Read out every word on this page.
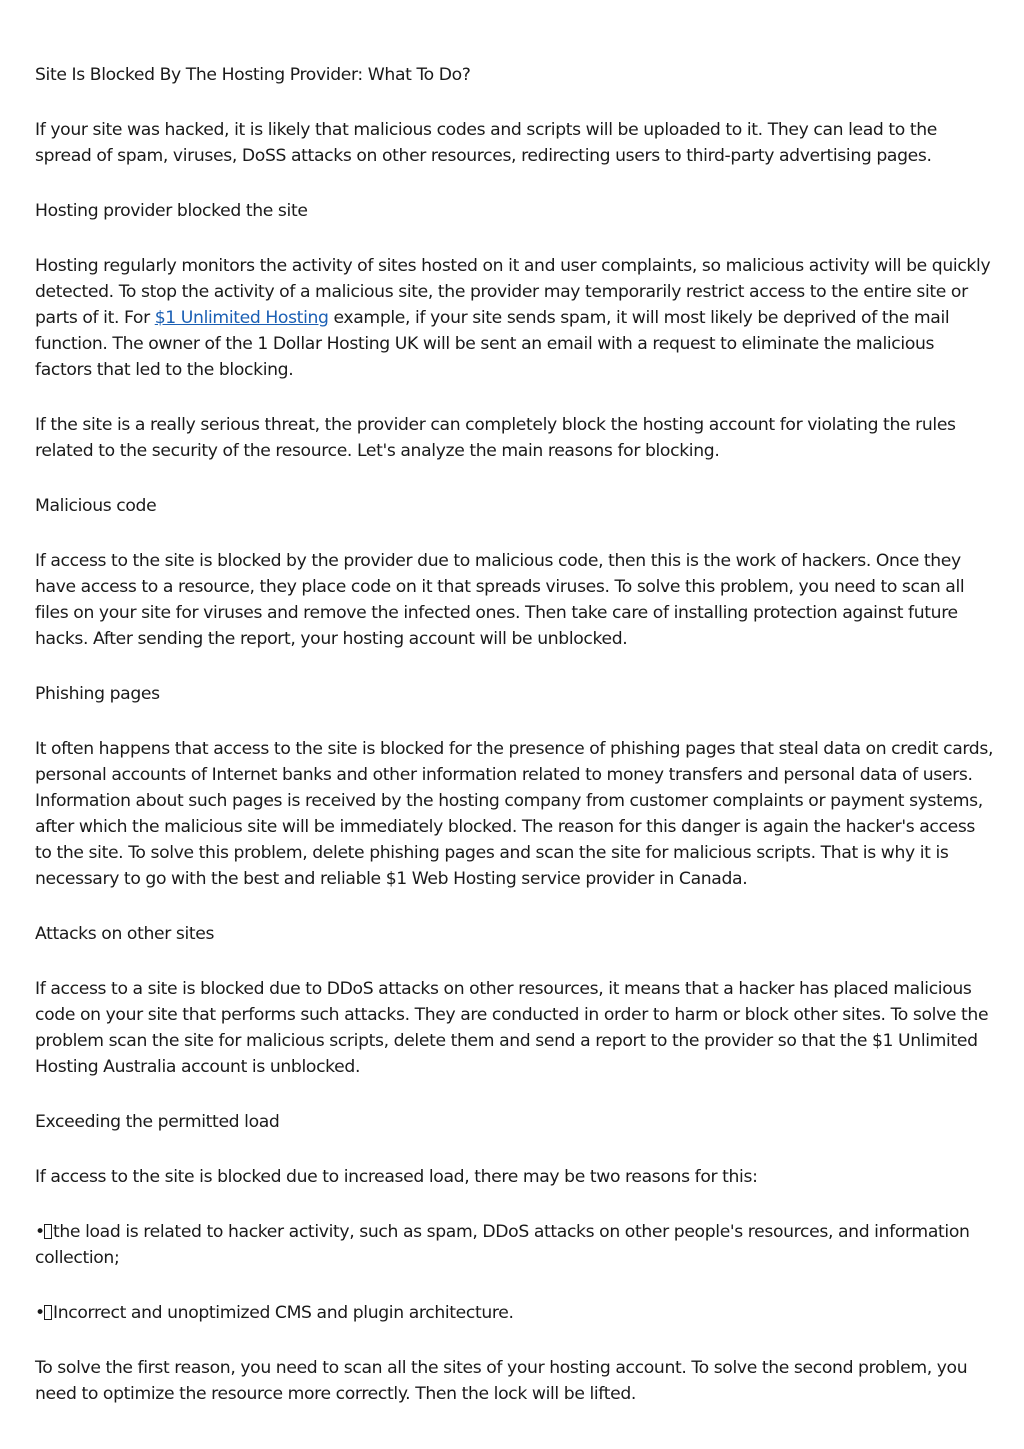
Site Is Blocked By The Hosting Provider: What To Do?

If your site was hacked, it is likely that malicious codes and scripts will be uploaded to it. They can lead to the spread of spam, viruses, DoSS attacks on other resources, redirecting users to third-party advertising pages.

Hosting provider blocked the site

Hosting regularly monitors the activity of sites hosted on it and user complaints, so malicious activity will be quickly detected. To stop the activity of a malicious site, the provider may temporarily restrict access to the entire site or parts of it. For $1 Unlimited Hosting example, if your site sends spam, it will most likely be deprived of the mail function. The owner of the 1 Dollar Hosting UK will be sent an email with a request to eliminate the malicious factors that led to the blocking.

If the site is a really serious threat, the provider can completely block the hosting account for violating the rules related to the security of the resource. Let's analyze the main reasons for blocking.

Malicious code

If access to the site is blocked by the provider due to malicious code, then this is the work of hackers. Once they have access to a resource, they place code on it that spreads viruses. To solve this problem, you need to scan all files on your site for viruses and remove the infected ones. Then take care of installing protection against future hacks. After sending the report, your hosting account will be unblocked.

Phishing pages

It often happens that access to the site is blocked for the presence of phishing pages that steal data on credit cards, personal accounts of Internet banks and other information related to money transfers and personal data of users. Information about such pages is received by the hosting company from customer complaints or payment systems, after which the malicious site will be immediately blocked. The reason for this danger is again the hacker's access to the site. To solve this problem, delete phishing pages and scan the site for malicious scripts. That is why it is necessary to go with the best and reliable $1 Web Hosting service provider in Canada.

Attacks on other sites

If access to a site is blocked due to DDoS attacks on other resources, it means that a hacker has placed malicious code on your site that performs such attacks. They are conducted in order to harm or block other sites. To solve the problem scan the site for malicious scripts, delete them and send a report to the provider so that the $1 Unlimited Hosting Australia account is unblocked.

Exceeding the permitted load

If access to the site is blocked due to increased load, there may be two reasons for this:

• the load is related to hacker activity, such as spam, DDoS attacks on other people's resources, and information collection;

• Incorrect and unoptimized CMS and plugin architecture.

To solve the first reason, you need to scan all the sites of your hosting account. To solve the second problem, you need to optimize the resource more correctly. Then the lock will be lifted.
